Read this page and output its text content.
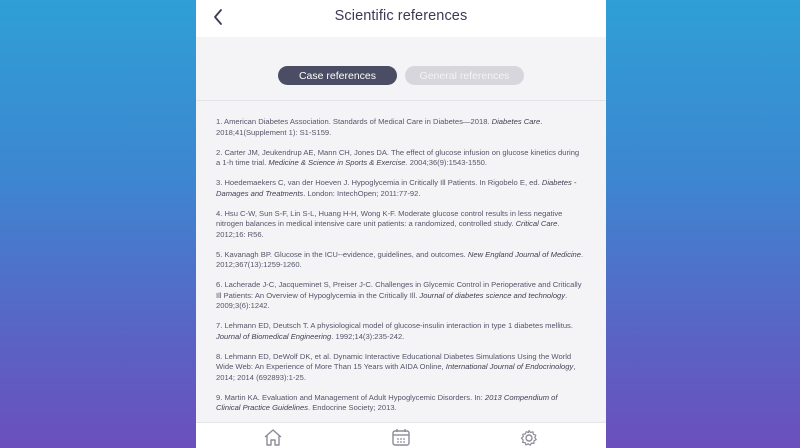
Scientific references
Case references	General references

1. American Diabetes Association. Standards of Medical Care in Diabetes—2018. Diabetes Care. 2018;41(Supplement 1): S1-S159.

2. Carter JM, Jeukendrup AE, Mann CH, Jones DA. The effect of glucose infusion on glucose kinetics during a 1-h time trial. Medicine & Science in Sports & Exercise. 2004;36(9):1543-1550.

3. Hoedemaekers C, van der Hoeven J. Hypoglycemia in Critically Ill Patients. In Rigobelo E, ed. Diabetes - Damages and Treatments. London: IntechOpen; 2011:77-92.

4. Hsu C-W, Sun S-F, Lin S-L, Huang H-H, Wong K-F. Moderate glucose control results in less negative nitrogen balances in medical intensive care unit patients: a randomized, controlled study. Critical Care. 2012;16: R56.

5. Kavanagh BP. Glucose in the ICU--evidence, guidelines, and outcomes. New England Journal of Medicine. 2012;367(13):1259-1260.

6. Lacherade J-C, Jacqueminet S, Preiser J-C. Challenges in Glycemic Control in Perioperative and Critically Ill Patients: An Overview of Hypoglycemia in the Critically Ill. Journal of diabetes science and technology. 2009;3(6):1242.

7. Lehmann ED, Deutsch T. A physiological model of glucose-insulin interaction in type 1 diabetes mellitus. Journal of Biomedical Engineering. 1992;14(3):235-242.

8. Lehmann ED, DeWolf DK, et al. Dynamic Interactive Educational Diabetes Simulations Using the World Wide Web: An Experience of More Than 15 Years with AIDA Online, International Journal of Endocrinology, 2014; 2014 (692893):1-25.

9. Martin KA. Evaluation and Management of Adult Hypoglycemic Disorders. In: 2013 Compendium of Clinical Practice Guidelines. Endocrine Society; 2013.
